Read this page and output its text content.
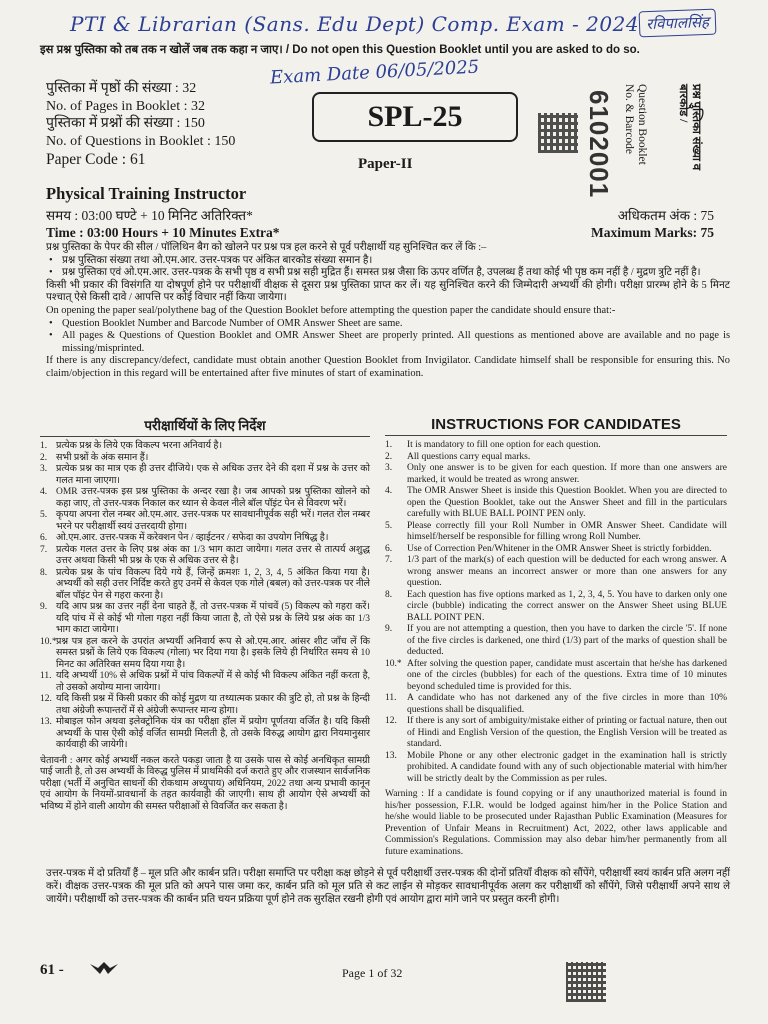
PTI & Librarian (Sans. Edu Dept) Comp. Exam - 2024 रविपालसिंह
इस प्रश्न पुस्तिका को तब तक न खोलें जब तक कहा न जाए। / Do not open this Question Booklet until you are asked to do so.
Exam Date 06/05/2025
पुस्तिका में पृष्ठों की संख्या : 32
No. of Pages in Booklet : 32
पुस्तिका में प्रश्नों की संख्या : 150
No. of Questions in Booklet : 150
Paper Code : 61
SPL-25
Paper-II	6102001	Question Booklet No. & Barcode	प्रश्न पुस्तिका संख्या व बारकोड /
Physical Training Instructor
समय : 03:00 घण्टे + 10 मिनिट अतिरिक्त*
Time : 03:00 Hours + 10 Minutes Extra*
अधिकतम अंक : 75
Maximum Marks: 75

प्रश्न पुस्तिका के पेपर की सील / पॉलिथिन बैग को खोलने पर प्रश्न पत्र हल करने से पूर्व परीक्षार्थी यह सुनिश्चित कर लें कि :–

• प्रश्न पुस्तिका संख्या तथा ओ.एम.आर. उत्तर-पत्रक पर अंकित बारकोड संख्या समान है।

• प्रश्न पुस्तिका एवं ओ.एम.आर. उत्तर-पत्रक के सभी पृष्ठ व सभी प्रश्न सही मुद्रित हैं। समस्त प्रश्न जैसा कि ऊपर वर्णित है, उपलब्ध हैं तथा कोई भी पृष्ठ कम नहीं है / मुद्रण त्रुटि नहीं है।

किसी भी प्रकार की विसंगति या दोषपूर्ण होने पर परीक्षार्थी वीक्षक से दूसरा प्रश्न पुस्तिका प्राप्त कर लें। यह सुनिश्चित करने की जिम्मेदारी अभ्यर्थी की होगी। परीक्षा प्रारम्भ होने के 5 मिनट पश्चात् ऐसे किसी दावे / आपत्ति पर कोई विचार नहीं किया जायेगा।

On opening the paper seal/polythene bag of the Question Booklet before attempting the question paper the candidate should ensure that:-

• Question Booklet Number and Barcode Number of OMR Answer Sheet are same.

• All pages & Questions of Question Booklet and OMR Answer Sheet are properly printed. All questions as mentioned above are available and no page is missing/misprinted.

If there is any discrepancy/defect, candidate must obtain another Question Booklet from Invigilator. Candidate himself shall be responsible for ensuring this. No claim/objection in this regard will be entertained after five minutes of start of examination.

परीक्षार्थियों के लिए निर्देश
1. प्रत्येक प्रश्न के लिये एक विकल्प भरना अनिवार्य है।
2. सभी प्रश्नों के अंक समान हैं।
3. प्रत्येक प्रश्न का मात्र एक ही उत्तर दीजिये। एक से अधिक उत्तर देने की दशा में प्रश्न के उत्तर को गलत माना जाएगा।
4. OMR उत्तर-पत्रक इस प्रश्न पुस्तिका के अन्दर रखा है। जब आपको प्रश्न पुस्तिका खोलने को कहा जाए, तो उत्तर-पत्रक निकाल कर ध्यान से केवल नीले बॉल पॉइंट पेन से विवरण भरें।
5. कृपया अपना रोल नम्बर ओ.एम.आर. उत्तर-पत्रक पर सावधानीपूर्वक सही भरें। गलत रोल नम्बर भरने पर परीक्षार्थी स्वयं उत्तरदायी होगा।
6. ओ.एम.आर. उत्तर-पत्रक में करेक्शन पेन / व्हाईटनर / सफेदा का उपयोग निषिद्ध है।
7. प्रत्येक गलत उत्तर के लिए प्रश्न अंक का 1/3 भाग काटा जायेगा। गलत उत्तर से तात्पर्य अशुद्ध उत्तर अथवा किसी भी प्रश्न के एक से अधिक उत्तर से है।
8. प्रत्येक प्रश्न के पांच विकल्प दिये गये हैं, जिन्हें क्रमशः 1, 2, 3, 4, 5 अंकित किया गया है। अभ्यर्थी को सही उत्तर निर्दिष्ट करते हुए उनमें से केवल एक गोले (बबल) को उत्तर-पत्रक पर नीले बॉल पॉइंट पेन से गहरा करना है।
9. यदि आप प्रश्न का उत्तर नहीं देना चाहते हैं, तो उत्तर-पत्रक में पांचवें (5) विकल्प को गहरा करें। यदि पांच में से कोई भी गोला गहरा नहीं किया जाता है, तो ऐसे प्रश्न के लिये प्रश्न अंक का 1/3 भाग काटा जायेगा।
10.* प्रश्न पत्र हल करने के उपरांत अभ्यर्थी अनिवार्य रूप से ओ.एम.आर. आंसर शीट जाँच लें कि समस्त प्रश्नों के लिये एक विकल्प (गोला) भर दिया गया है। इसके लिये ही निर्धारित समय से 10 मिनट का अतिरिक्त समय दिया गया है।
11. यदि अभ्यर्थी 10% से अधिक प्रश्नों में पांच विकल्पों में से कोई भी विकल्प अंकित नहीं करता है, तो उसको अयोग्य माना जायेगा।
12. यदि किसी प्रश्न में किसी प्रकार की कोई मुद्रण या तथ्यात्मक प्रकार की त्रुटि हो, तो प्रश्न के हिन्दी तथा अंग्रेजी रूपान्तरों में से अंग्रेजी रूपान्तर मान्य होगा।
13. मोबाइल फोन अथवा इलेक्ट्रोनिक यंत्र का परीक्षा हॉल में प्रयोग पूर्णतया वर्जित है। यदि किसी अभ्यर्थी के पास ऐसी कोई वर्जित सामग्री मिलती है, तो उसके विरुद्ध आयोग द्वारा नियमानुसार कार्यवाही की जायेगी।
चेतावनी : अगर कोई अभ्यर्थी नकल करते पकड़ा जाता है या उसके पास से कोई अनधिकृत सामग्री पाई जाती है, तो उस अभ्यर्थी के विरुद्ध पुलिस में प्राथमिकी दर्ज कराते हुए और राजस्थान सार्वजनिक परीक्षा (भर्ती में अनुचित साधनों की रोकथाम अध्युपाय) अधिनियम, 2022 तथा अन्य प्रभावी कानून एवं आयोग के नियमों-प्रावधानों के तहत कार्यवाही की जाएगी। साथ ही आयोग ऐसे अभ्यर्थी को भविष्य में होने वाली आयोग की समस्त परीक्षाओं से विवर्जित कर सकता है।
INSTRUCTIONS FOR CANDIDATES
1.	It is mandatory to fill one option for each question.
2.	All questions carry equal marks.
3.	Only one answer is to be given for each question. If more than one answers are marked, it would be treated as wrong answer.
4.	The OMR Answer Sheet is inside this Question Booklet. When you are directed to open the Question Booklet, take out the Answer Sheet and fill in the particulars carefully with BLUE BALL POINT PEN only.
5.	Please correctly fill your Roll Number in OMR Answer Sheet. Candidate will himself/herself be responsible for filling wrong Roll Number.
6.	Use of Correction Pen/Whitener in the OMR Answer Sheet is strictly forbidden.
7.	1/3 part of the mark(s) of each question will be deducted for each wrong answer. A wrong answer means an incorrect answer or more than one answers for any question.
8.	Each question has five options marked as 1, 2, 3, 4, 5. You have to darken only one circle (bubble) indicating the correct answer on the Answer Sheet using BLUE BALL POINT PEN.
9.	If you are not attempting a question, then you have to darken the circle '5'. If none of the five circles is darkened, one third (1/3) part of the marks of question shall be deducted.
10.* After solving the question paper, candidate must ascertain that he/she has darkened one of the circles (bubbles) for each of the questions. Extra time of 10 minutes beyond scheduled time is provided for this.
11.	A candidate who has not darkened any of the five circles in more than 10% questions shall be disqualified.
12.	If there is any sort of ambiguity/mistake either of printing or factual nature, then out of Hindi and English Version of the question, the English Version will be treated as standard.
13.	Mobile Phone or any other electronic gadget in the examination hall is strictly prohibited. A candidate found with any of such objectionable material with him/her will be strictly dealt by the Commission as per rules.
Warning : If a candidate is found copying or if any unauthorized material is found in his/her possession, F.I.R. would be lodged against him/her in the Police Station and he/she would liable to be prosecuted under Rajasthan Public Examination (Measures for Prevention of Unfair Means in Recruitment) Act, 2022, other laws applicable and Commission's Regulations. Commission may also debar him/her permanently from all future examinations.
उत्तर-पत्रक में दो प्रतियाँ हैं – मूल प्रति और कार्बन प्रति। परीक्षा समाप्ति पर परीक्षा कक्ष छोड़ने से पूर्व परीक्षार्थी उत्तर-पत्रक की दोनों प्रतियाँ वीक्षक को सौंपेंगे, परीक्षार्थी स्वयं कार्बन प्रति अलग नहीं करें। वीक्षक उत्तर-पत्रक की मूल प्रति को अपने पास जमा कर, कार्बन प्रति को मूल प्रति से कट लाईन से मोड़कर सावधानीपूर्वक अलग कर परीक्षार्थी को सौंपेंगे, जिसे परीक्षार्थी अपने साथ ले जायेंगे। परीक्षार्थी को उत्तर-पत्रक की कार्बन प्रति चयन प्रक्रिया पूर्ण होने तक सुरक्षित रखनी होगी एवं आयोग द्वारा मांगे जाने पर प्रस्तुत करनी होगी।
61 -	Page 1 of 32
